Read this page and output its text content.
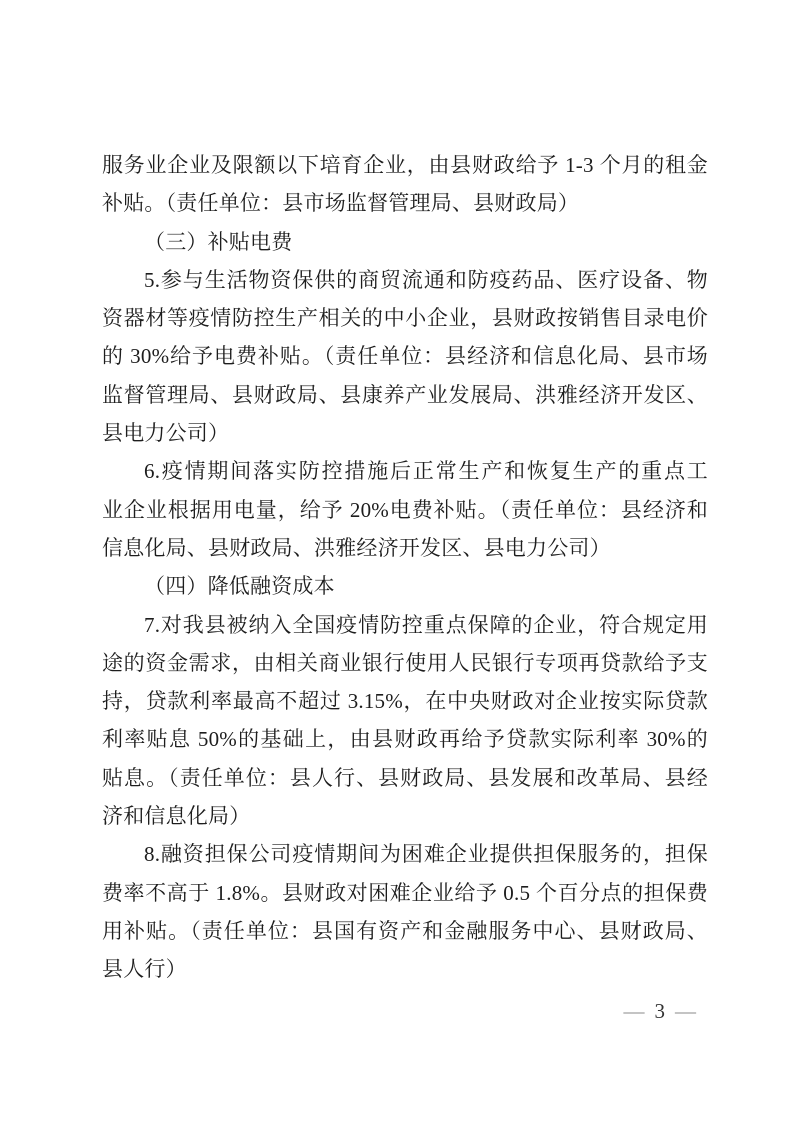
服务业企业及限额以下培育企业，由县财政给予 1-3 个月的租金
补贴。（责任单位：县市场监督管理局、县财政局）
（三）补贴电费
5.参与生活物资保供的商贸流通和防疫药品、医疗设备、物
资器材等疫情防控生产相关的中小企业，县财政按销售目录电价
的 30%给予电费补贴。（责任单位：县经济和信息化局、县市场
监督管理局、县财政局、县康养产业发展局、洪雅经济开发区、
县电力公司）
6.疫情期间落实防控措施后正常生产和恢复生产的重点工
业企业根据用电量，给予 20%电费补贴。（责任单位：县经济和
信息化局、县财政局、洪雅经济开发区、县电力公司）
（四）降低融资成本
7.对我县被纳入全国疫情防控重点保障的企业，符合规定用
途的资金需求，由相关商业银行使用人民银行专项再贷款给予支
持，贷款利率最高不超过 3.15%，在中央财政对企业按实际贷款
利率贴息 50%的基础上，由县财政再给予贷款实际利率 30%的
贴息。（责任单位：县人行、县财政局、县发展和改革局、县经
济和信息化局）
8.融资担保公司疫情期间为困难企业提供担保服务的，担保
费率不高于 1.8%。县财政对困难企业给予 0.5 个百分点的担保费
用补贴。（责任单位：县国有资产和金融服务中心、县财政局、
县人行）
— 3 —
